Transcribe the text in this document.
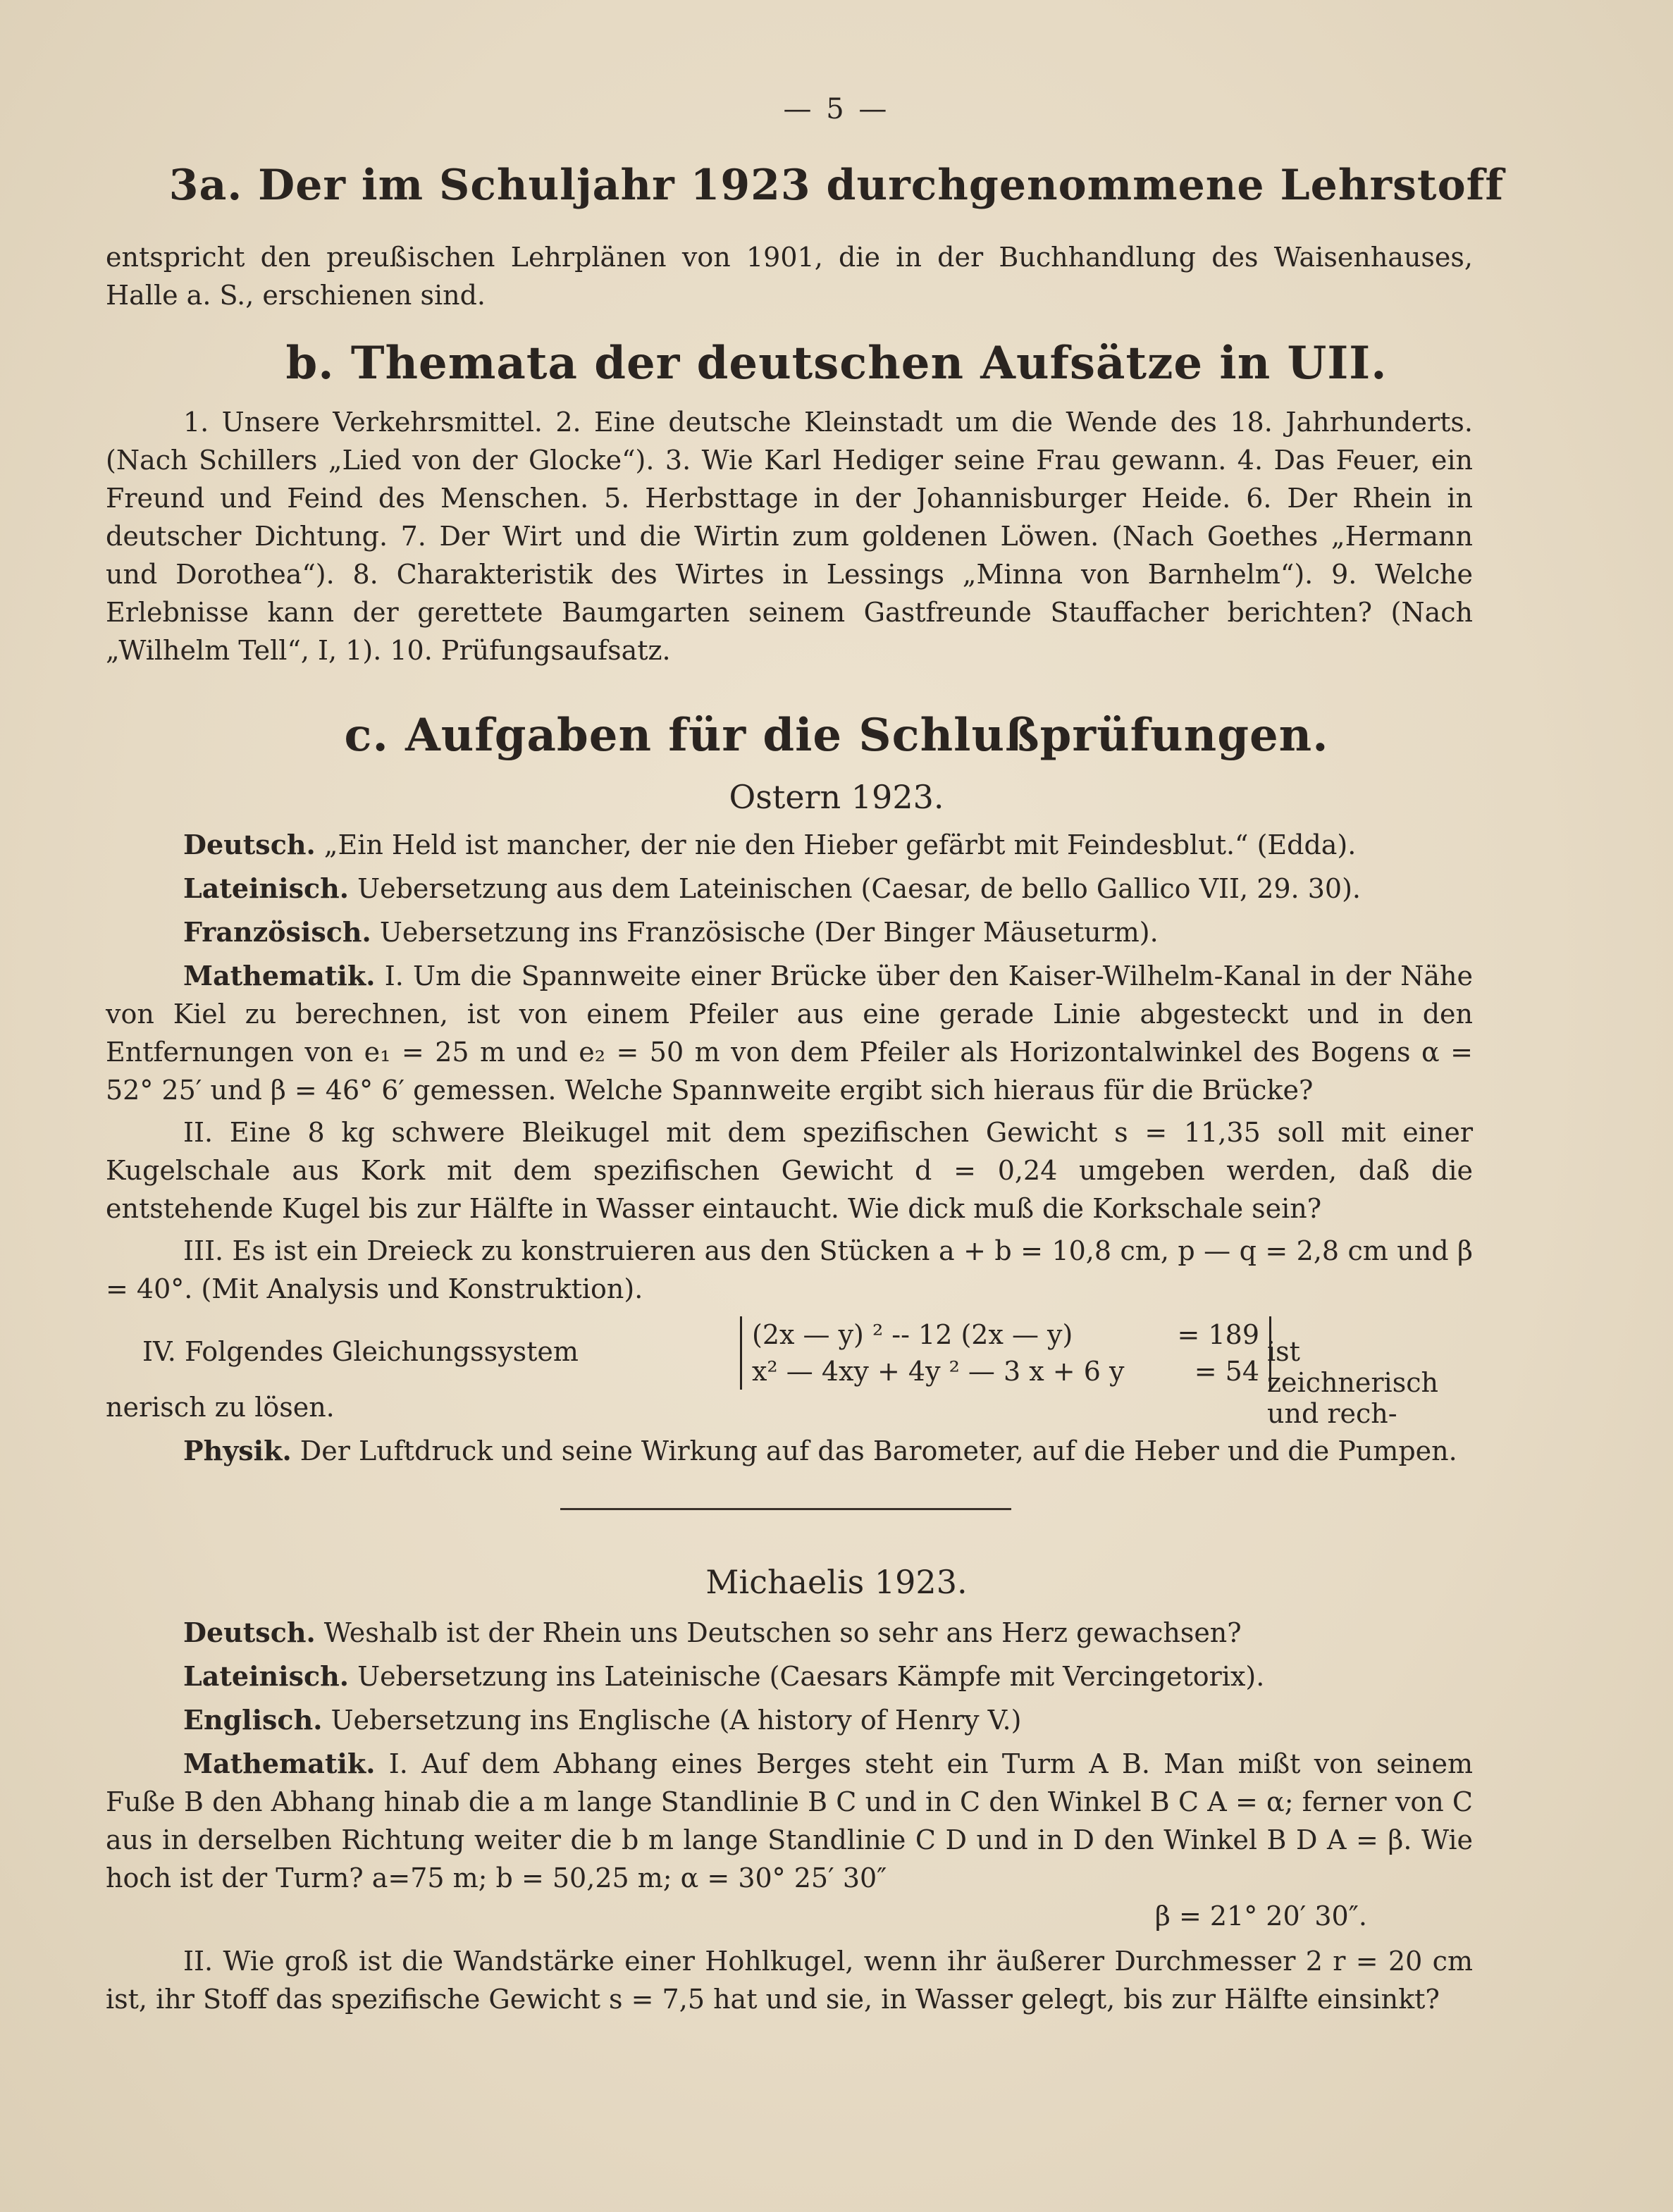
— 5 —
3a. Der im Schuljahr 1923 durchgenommene Lehrstoff

entspricht den preußischen Lehrplänen von 1901, die in der Buchhandlung des Waisenhauses, Halle a. S., erschienen sind.

b. Themata der deutschen Aufsätze in UII.

1. Unsere Verkehrsmittel. 2. Eine deutsche Kleinstadt um die Wende des 18. Jahrhunderts. (Nach Schillers „Lied von der Glocke“). 3. Wie Karl Hediger seine Frau gewann. 4. Das Feuer, ein Freund und Feind des Menschen. 5. Herbsttage in der Johannisburger Heide. 6. Der Rhein in deutscher Dichtung. 7. Der Wirt und die Wirtin zum goldenen Löwen. (Nach Goethes „Hermann und Dorothea“). 8. Charakteristik des Wirtes in Lessings „Minna von Barnhelm“). 9. Welche Erlebnisse kann der gerettete Baumgarten seinem Gastfreunde Stauffacher berichten? (Nach „Wilhelm Tell“, I, 1). 10. Prüfungsaufsatz.

c. Aufgaben für die Schlußprüfungen.
Ostern 1923.

Deutsch. „Ein Held ist mancher, der nie den Hieber gefärbt mit Feindesblut.“ (Edda).

Lateinisch. Uebersetzung aus dem Lateinischen (Caesar, de bello Gallico VII, 29. 30).

Französisch. Uebersetzung ins Französische (Der Binger Mäuseturm).

Mathematik. I. Um die Spannweite einer Brücke über den Kaiser-Wilhelm-Kanal in der Nähe von Kiel zu berechnen, ist von einem Pfeiler aus eine gerade Linie abgesteckt und in den Entfernungen von e₁ = 25 m und e₂ = 50 m von dem Pfeiler als Horizontalwinkel des Bogens α = 52° 25′ und β = 46° 6′ gemessen. Welche Spannweite ergibt sich hieraus für die Brücke?

II. Eine 8 kg schwere Bleikugel mit dem spezifischen Gewicht s = 11,35 soll mit einer Kugelschale aus Kork mit dem spezifischen Gewicht d = 0,24 umgeben werden, daß die entstehende Kugel bis zur Hälfte in Wasser eintaucht. Wie dick muß die Korkschale sein?

III. Es ist ein Dreieck zu konstruieren aus den Stücken a + b = 10,8 cm, p — q = 2,8 cm und β = 40°. (Mit Analysis und Konstruktion).

IV. Folgendes Gleichungssystem
(2x — y) ² -- 12 (2x — y)	= 189
x² — 4xy + 4y ² — 3 x + 6 y	= 54
ist zeichnerisch und rech-

nerisch zu lösen.

Physik. Der Luftdruck und seine Wirkung auf das Barometer, auf die Heber und die Pumpen.

Michaelis 1923.

Deutsch. Weshalb ist der Rhein uns Deutschen so sehr ans Herz gewachsen?

Lateinisch. Uebersetzung ins Lateinische (Caesars Kämpfe mit Vercingetorix).

Englisch. Uebersetzung ins Englische (A history of Henry V.)

Mathematik. I. Auf dem Abhang eines Berges steht ein Turm A B. Man mißt von seinem Fuße B den Abhang hinab die a m lange Standlinie B C und in C den Winkel B C A = α; ferner von C aus in derselben Richtung weiter die b m lange Standlinie C D und in D den Winkel B D A = β. Wie hoch ist der Turm? a=75 m; b = 50,25 m; α = 30° 25′ 30″

β = 21° 20′ 30″.

II. Wie groß ist die Wandstärke einer Hohlkugel, wenn ihr äußerer Durchmesser 2 r = 20 cm ist, ihr Stoff das spezifische Gewicht s = 7,5 hat und sie, in Wasser gelegt, bis zur Hälfte einsinkt?
